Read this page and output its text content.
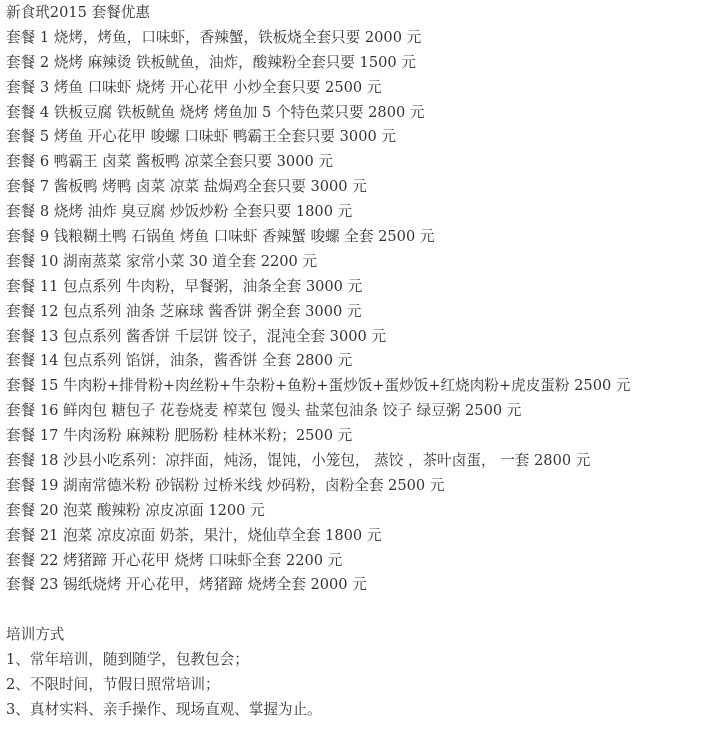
新食玳2015 套餐优惠
套餐 1 烧烤，烤鱼，口味虾，香辣蟹，铁板烧全套只要 2000 元
套餐 2 烧烤 麻辣烫 铁板鱿鱼，油炸，酸辣粉全套只要 1500 元
套餐 3 烤鱼 口味虾 烧烤 开心花甲 小炒全套只要 2500 元
套餐 4 铁板豆腐 铁板鱿鱼 烧烤 烤鱼加 5 个特色菜只要 2800 元
套餐 5 烤鱼 开心花甲 唆螺 口味虾 鸭霸王全套只要 3000 元
套餐 6 鸭霸王 卤菜 酱板鸭 凉菜全套只要 3000 元
套餐 7 酱板鸭 烤鸭 卤菜 凉菜 盐焗鸡全套只要 3000 元
套餐 8 烧烤 油炸 臭豆腐 炒饭炒粉 全套只要 1800 元
套餐 9 钱粮糊土鸭 石锅鱼 烤鱼 口味虾 香辣蟹 唆螺 全套 2500 元
套餐 10 湖南蒸菜 家常小菜 30 道全套 2200 元
套餐 11 包点系列 牛肉粉，早餐粥，油条全套 3000 元
套餐 12 包点系列 油条 芝麻球 酱香饼 粥全套 3000 元
套餐 13 包点系列 酱香饼 千层饼 饺子，混沌全套 3000 元
套餐 14 包点系列 馅饼，油条，酱香饼 全套 2800 元
套餐 15 牛肉粉+排骨粉+肉丝粉+牛杂粉+鱼粉+蛋炒饭+蛋炒饭+红烧肉粉+虎皮蛋粉 2500 元
套餐 16 鲜肉包 糖包子 花卷烧麦 榨菜包 馒头 盐菜包油条 饺子 绿豆粥 2500 元
套餐 17 牛肉汤粉 麻辣粉 肥肠粉 桂林米粉；2500 元
套餐 18 沙县小吃系列：凉拌面，炖汤，馄饨，小笼包， 蒸饺 ，茶叶卤蛋， 一套 2800 元
套餐 19 湖南常德米粉 砂锅粉 过桥米线 炒码粉，卤粉全套 2500 元
套餐 20 泡菜 酸辣粉 凉皮凉面 1200 元
套餐 21 泡菜 凉皮凉面 奶茶，果汁，烧仙草全套 1800 元
套餐 22 烤猪蹄 开心花甲 烧烤 口味虾全套 2200 元
套餐 23 锡纸烧烤 开心花甲，烤猪蹄 烧烤全套 2000 元
培训方式
1、常年培训，随到随学，包教包会；
2、不限时间，节假日照常培训；
3、真材实料、亲手操作、现场直观、掌握为止。
